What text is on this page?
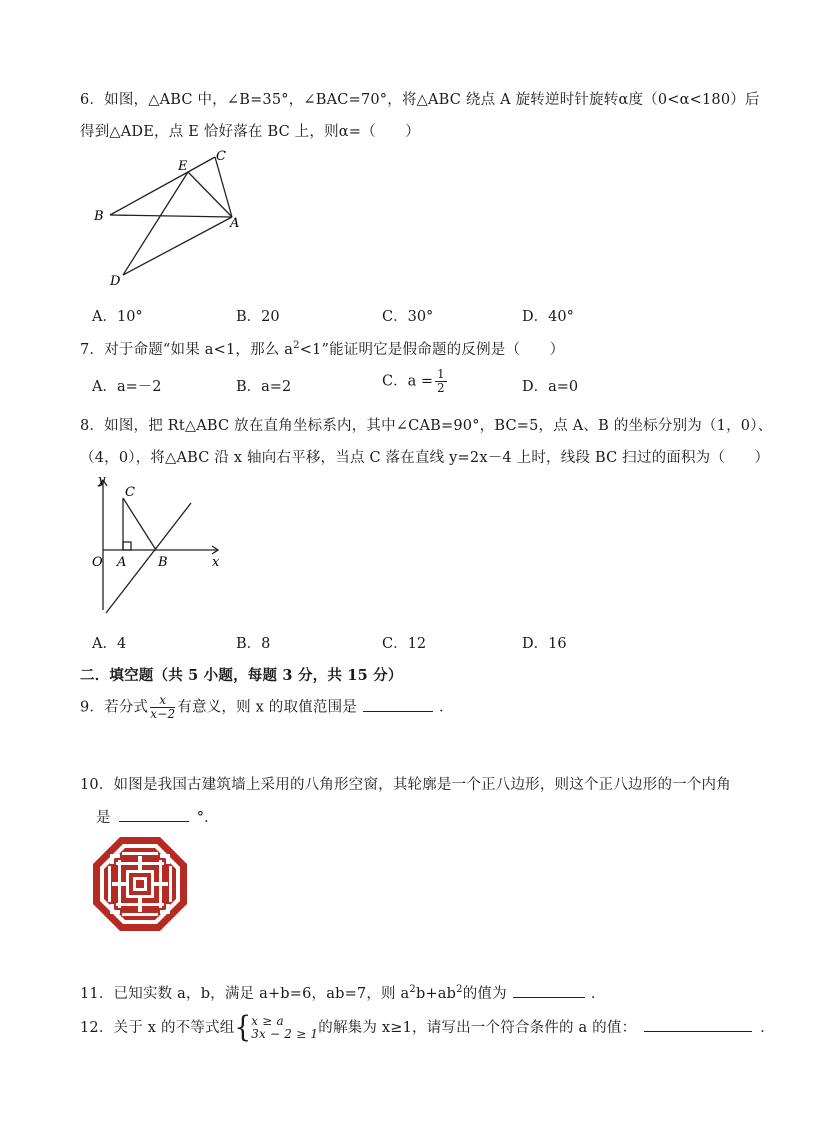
6．如图，△ABC 中，∠B=35°，∠BAC=70°，将△ABC 绕点 A 旋转逆时针旋转α度（0<α<180）后
得到△ADE，点 E 恰好落在 BC 上，则α=（　　）
E
C
B	A
D
A．10°	B．20	C．30°	D．40°
7．对于命题“如果 a<1，那么 $a^2<1$”能证明它是假命题的反例是（　　）
A．a=－2	B．a=2	C．$a = \frac{1}{2}$	D．a=0
8．如图，把 Rt△ABC 放在直角坐标系内，其中∠CAB=90°，BC=5，点 A、B 的坐标分别为（1，0）、
（4，0），将△ABC 沿 x 轴向右平移，当点 C 落在直线 y=2x－4 上时，线段 BC 扫过的面积为（　　）
y
x
O A B
C
A．4	B．8	C．12	D．16
二．填空题（共 5 小题，每题 3 分，共 15 分）
9．若分式 $\frac{x}{x-2}$ 有意义，则 x 的取值范围是	．
10．如图是我国古建筑墙上采用的八角形空窗，其轮廓是一个正八边形，则这个正八边形的一个内角
是	°．
11．已知实数 a，b，满足 a+b=6，ab=7，则 $a^2b+ab^2$的值为	．
12．关于 x 的不等式组{ x ≥ a
3x − 2 ≥ 1 的解集为 x≥1，请写出一个符合条件的 a 的值：	．
